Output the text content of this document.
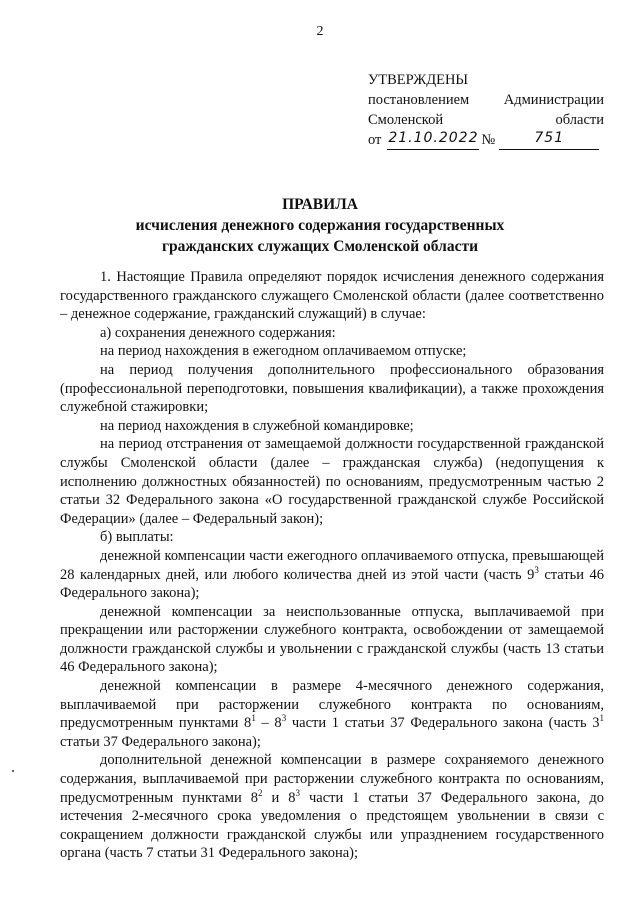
2
УТВЕРЖДЕНЫ
постановлением Администрации
Смоленской	области
от 21.10.2022 №	751
ПРАВИЛА
исчисления денежного содержания государственных
гражданских служащих Смоленской области

1. Настоящие Правила определяют порядок исчисления денежного содержания государственного гражданского служащего Смоленской области (далее соответственно – денежное содержание, гражданский служащий) в случае:

а) сохранения денежного содержания:

на период нахождения в ежегодном оплачиваемом отпуске;

на период получения дополнительного профессионального образования (профессиональной переподготовки, повышения квалификации), а также прохождения служебной стажировки;

на период нахождения в служебной командировке;

на период отстранения от замещаемой должности государственной гражданской службы Смоленской области (далее – гражданская служба) (недопущения к исполнению должностных обязанностей) по основаниям, предусмотренным частью 2 статьи 32 Федерального закона «О государственной гражданской службе Российской Федерации» (далее – Федеральный закон);

б) выплаты:

денежной компенсации части ежегодного оплачиваемого отпуска, превышающей 28 календарных дней, или любого количества дней из этой части (часть $9^3$ статьи 46 Федерального закона);

денежной компенсации за неиспользованные отпуска, выплачиваемой при прекращении или расторжении служебного контракта, освобождении от замещаемой должности гражданской службы и увольнении с гражданской службы (часть 13 статьи 46 Федерального закона);

денежной компенсации в размере 4-месячного денежного содержания, выплачиваемой при расторжении служебного контракта по основаниям, предусмотренным пунктами $8^1 - 8^3$ части 1 статьи 37 Федерального закона (часть $3^1$ статьи 37 Федерального закона);

дополнительной денежной компенсации в размере сохраняемого денежного содержания, выплачиваемой при расторжении служебного контракта по основаниям, предусмотренным пунктами $8^2$ и $8^3$ части 1 статьи 37 Федерального закона, до истечения 2-месячного срока уведомления о предстоящем увольнении в связи с сокращением должности гражданской службы или упразднением государственного органа (часть 7 статьи 31 Федерального закона);
